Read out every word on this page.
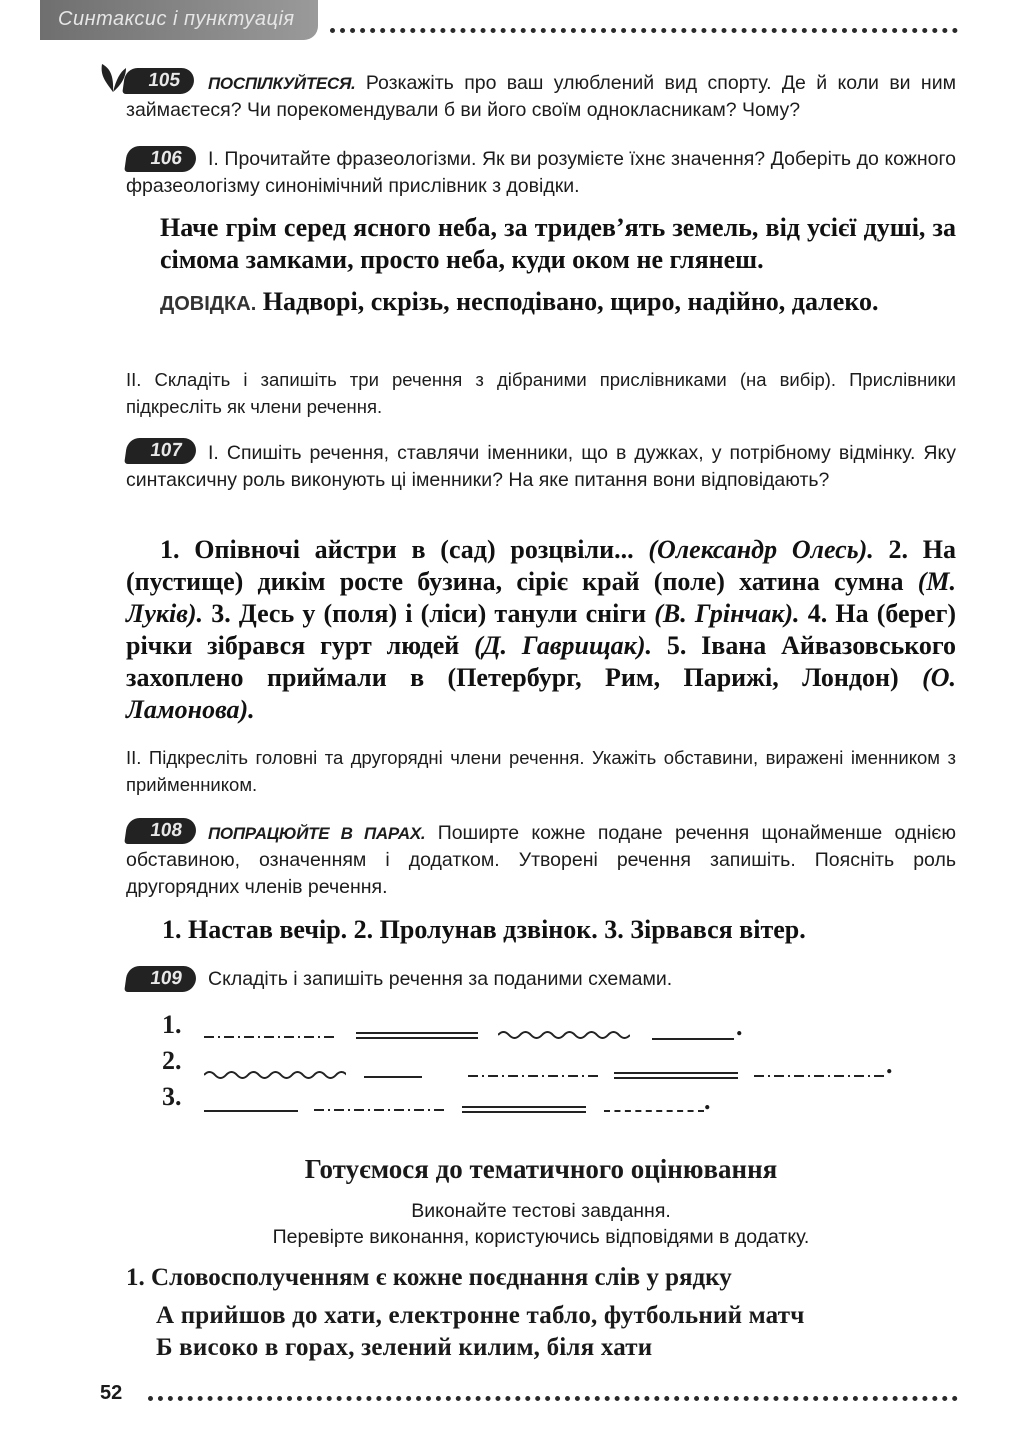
Синтаксис і пунктуація
105	ПОСПІЛКУЙТЕСЯ. Розкажіть про ваш улюблений вид спорту. Де й коли ви ним займаєтеся? Чи порекомендували б ви його своїм однокласникам? Чому?
106	І. Прочитайте фразеологізми. Як ви розумієте їхнє значення? Доберіть до кожного фразеологізму синонімічний прислівник з довідки.
Наче грім серед ясного неба, за тридев’ять земель, від усієї душі, за сімома замками, просто неба, куди оком не глянеш.
ДОВІДКА. Надворі, скрізь, несподівано, щиро, надійно, далеко.
ІІ. Складіть і запишіть три речення з дібраними прислівниками (на вибір). Прислівники підкресліть як члени речення.
107	І. Спишіть речення, ставлячи іменники, що в дужках, у потрібному відмінку. Яку синтаксичну роль виконують ці іменники? На яке питання вони відповідають?
1. Опівночі айстри в (сад) розцвіли... (Олександр Олесь). 2. На (пустище) дикім росте бузина, сіріє край (поле) хатина сумна (М. Луків). 3. Десь у (поля) і (ліси) танули сніги (В. Грінчак). 4. На (берег) річки зібрався гурт людей (Д. Гаврищак). 5. Івана Айвазовського захоплено приймали в (Петербург, Рим, Парижі, Лондон) (О. Ламонова).
ІІ. Підкресліть головні та другорядні члени речення. Укажіть обставини, виражені іменником з прийменником.
108	ПОПРАЦЮЙТЕ В ПАРАХ. Поширте кожне подане речення щонайменше однією обставиною, означенням і додатком. Утворені речення запишіть. Поясніть роль другорядних членів речення.
1. Настав вечір. 2. Пролунав дзвінок. 3. Зірвався вітер.
109	Складіть і запишіть речення за поданими схемами.
1.	.
2.	.
3.	.
Готуємося до тематичного оцінювання
Виконайте тестові завдання.
Перевірте виконання, користуючись відповідями в додатку.
1. Словосполученням є кожне поєднання слів у рядку
А прийшов до хати, електронне табло, футбольний матч
Б високо в горах, зелений килим, біля хати
52
